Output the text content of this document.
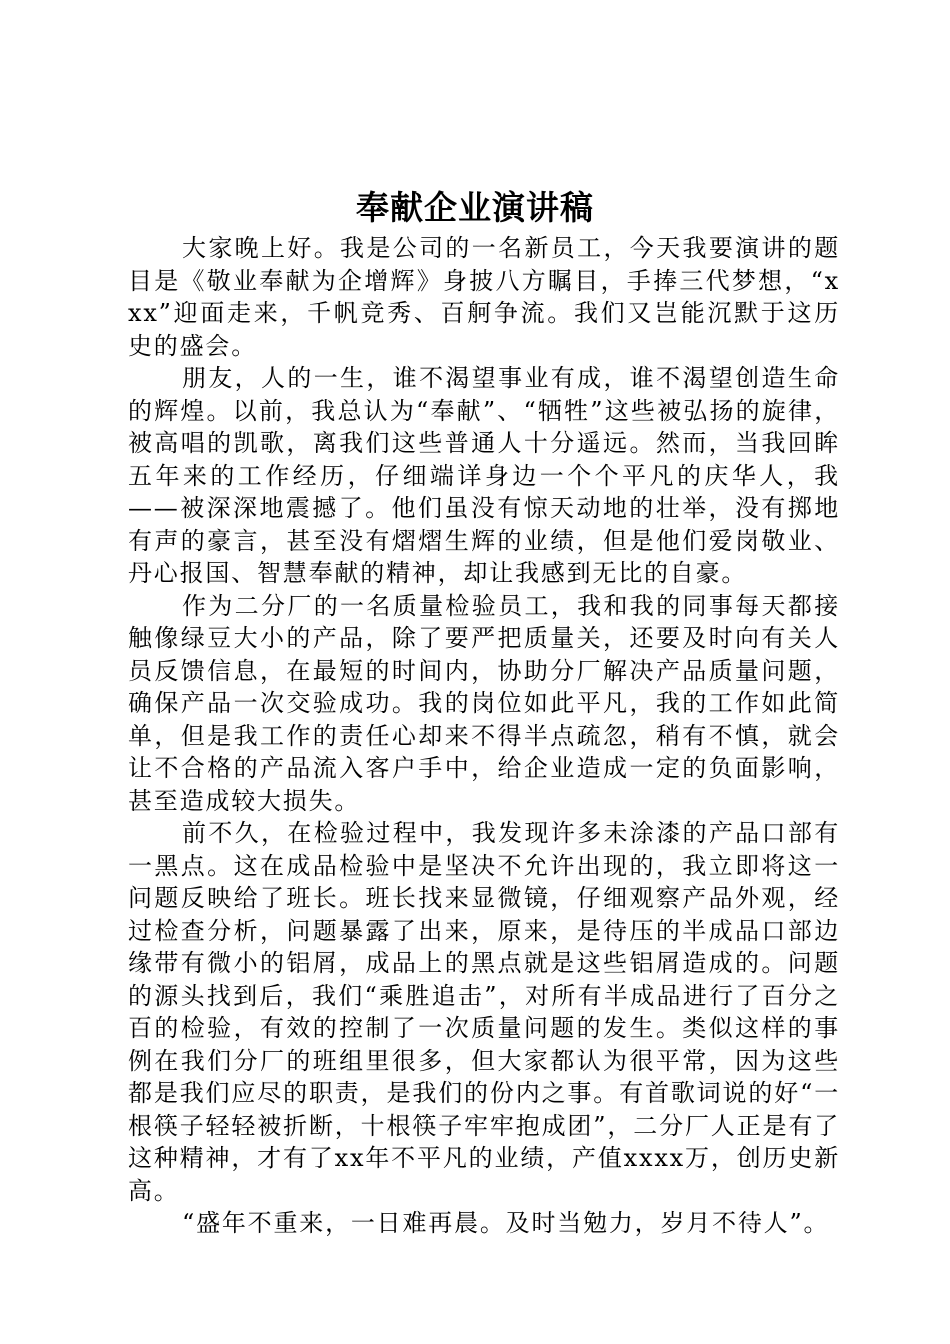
奉献企业演讲稿

大家晚上好。我是公司的一名新员工，今天我要演讲的题目是《敬业奉献为企增辉》身披八方瞩目，手捧三代梦想，“xxx”迎面走来，千帆竞秀、百舸争流。我们又岂能沉默于这历史的盛会。

朋友，人的一生，谁不渴望事业有成，谁不渴望创造生命的辉煌。以前，我总认为“奉献”、“牺牲”这些被弘扬的旋律，被高唱的凯歌，离我们这些普通人十分遥远。然而，当我回眸五年来的工作经历，仔细端详身边一个个平凡的庆华人，我——被深深地震撼了。他们虽没有惊天动地的壮举，没有掷地有声的豪言，甚至没有熠熠生辉的业绩，但是他们爱岗敬业、丹心报国、智慧奉献的精神，却让我感到无比的自豪。

作为二分厂的一名质量检验员工，我和我的同事每天都接触像绿豆大小的产品，除了要严把质量关，还要及时向有关人员反馈信息，在最短的时间内，协助分厂解决产品质量问题，确保产品一次交验成功。我的岗位如此平凡，我的工作如此简单，但是我工作的责任心却来不得半点疏忽，稍有不慎，就会让不合格的产品流入客户手中，给企业造成一定的负面影响，甚至造成较大损失。

前不久，在检验过程中，我发现许多未涂漆的产品口部有一黑点。这在成品检验中是坚决不允许出现的，我立即将这一问题反映给了班长。班长找来显微镜，仔细观察产品外观，经过检查分析，问题暴露了出来，原来，是待压的半成品口部边缘带有微小的铝屑，成品上的黑点就是这些铝屑造成的。问题的源头找到后，我们“乘胜追击”，对所有半成品进行了百分之百的检验，有效的控制了一次质量问题的发生。类似这样的事例在我们分厂的班组里很多，但大家都认为很平常，因为这些都是我们应尽的职责，是我们的份内之事。有首歌词说的好“一根筷子轻轻被折断，十根筷子牢牢抱成团”，二分厂人正是有了这种精神，才有了xx年不平凡的业绩，产值xxxx万，创历史新高。

“盛年不重来，一日难再晨。及时当勉力，岁月不待人”。
